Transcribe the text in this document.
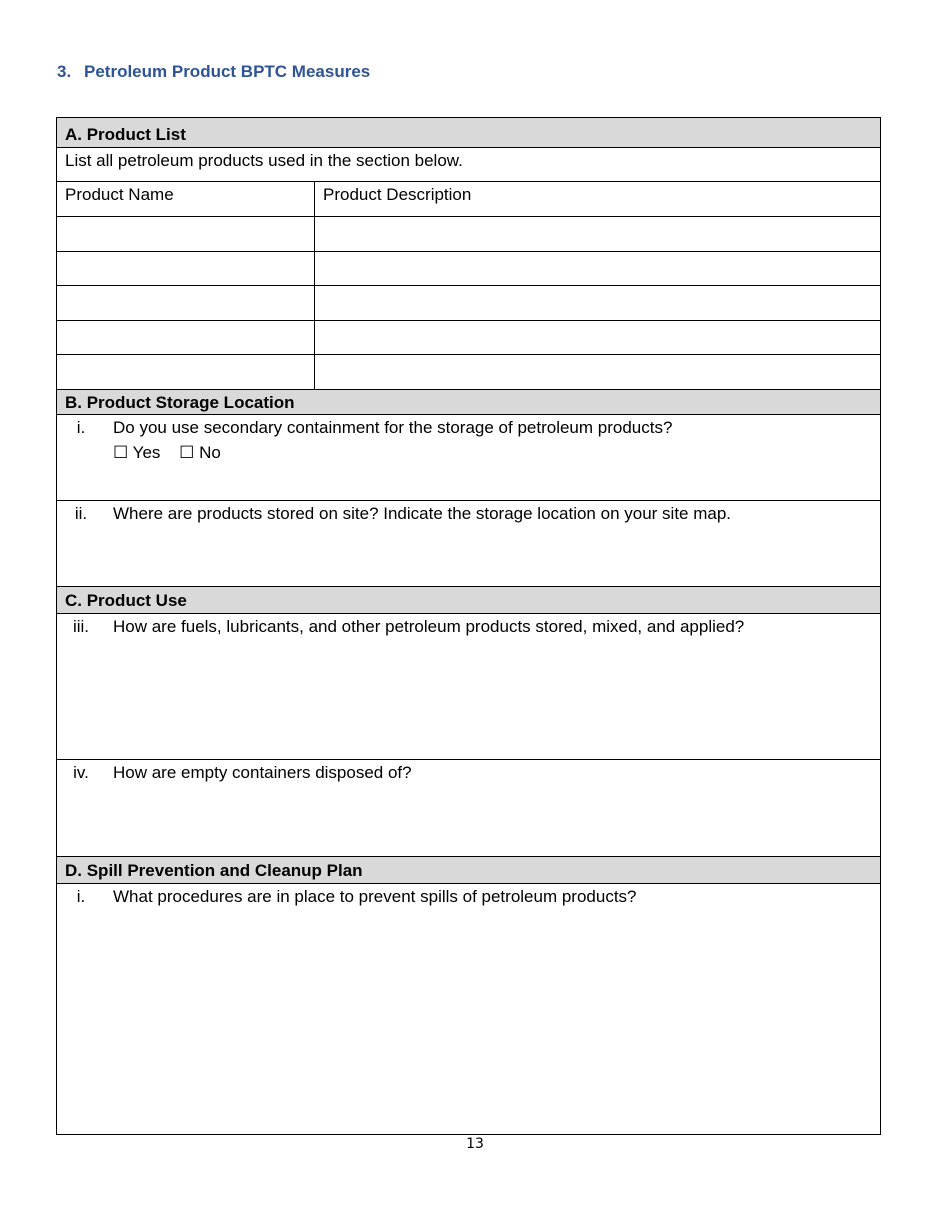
3. Petroleum Product BPTC Measures
A. Product List
List all petroleum products used in the section below.
Product Name	Product Description
B. Product Storage Location
i.	Do you use secondary containment for the storage of petroleum products?
☐ Yes ☐ No
ii.	Where are products stored on site? Indicate the storage location on your site map.
C. Product Use
iii.	How are fuels, lubricants, and other petroleum products stored, mixed, and applied?
iv.	How are empty containers disposed of?
D. Spill Prevention and Cleanup Plan
i.	What procedures are in place to prevent spills of petroleum products?
13
